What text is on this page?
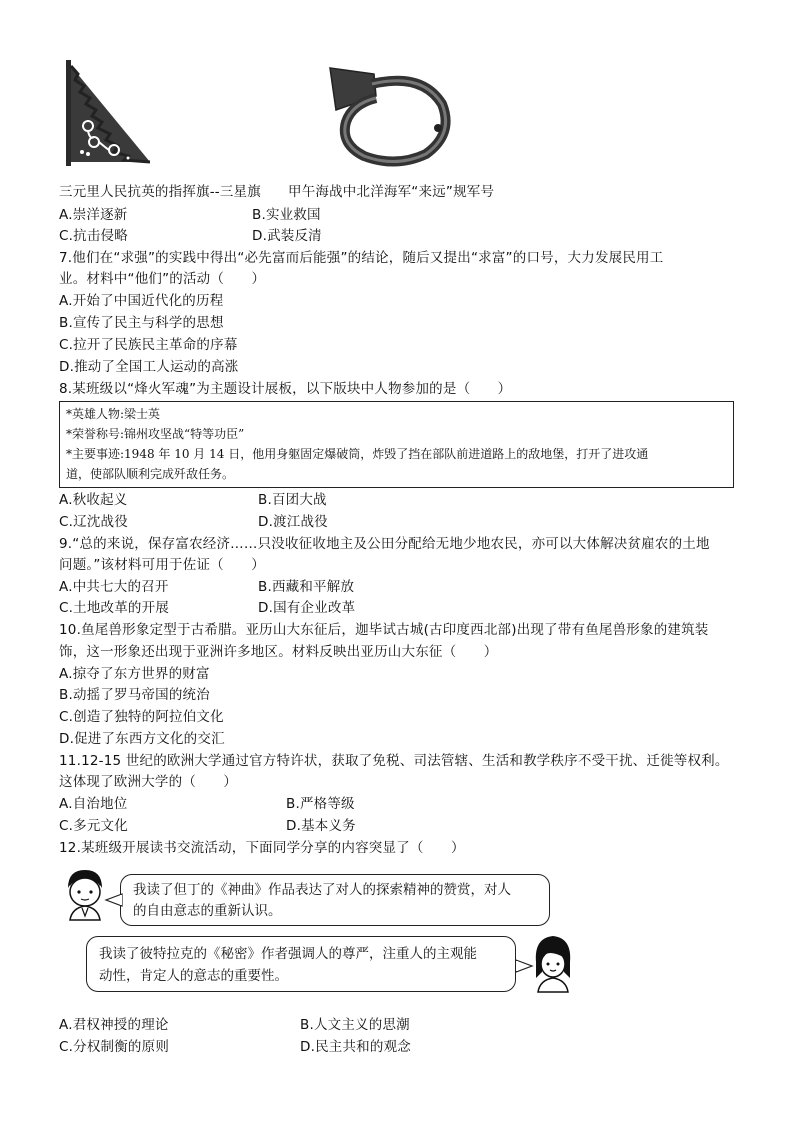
三元里人民抗英的指挥旗--三星旗 甲午海战中北洋海军“来远”规军号
A.崇洋逐新	B.实业救国
C.抗击侵略	D.武装反清
7.他们在“求强”的实践中得出“必先富而后能强”的结论，随后又提出“求富”的口号，大力发展民用工
业。材料中“他们”的活动（　　）
A.开始了中国近代化的历程
B.宣传了民主与科学的思想
C.拉开了民族民主革命的序幕
D.推动了全国工人运动的高涨
8.某班级以“烽火军魂”为主题设计展板，以下版块中人物参加的是（　　）
*英雄人物:梁士英
*荣誉称号:锦州攻坚战“特等功臣”
*主要事迹:1948 年 10 月 14 日，他用身躯固定爆破筒，炸毁了挡在部队前进道路上的敌地堡，打开了进攻通
道，使部队顺利完成歼敌任务。
A.秋收起义	B.百团大战
C.辽沈战役	D.渡江战役
9.“总的来说，保存富农经济……只没收征收地主及公田分配给无地少地农民，亦可以大体解决贫雇农的土地
问题。”该材料可用于佐证（　　）
A.中共七大的召开	B.西藏和平解放
C.土地改革的开展	D.国有企业改革
10.鱼尾兽形象定型于古希腊。亚历山大东征后，迦毕试古城(古印度西北部)出现了带有鱼尾兽形象的建筑装
饰，这一形象还出现于亚洲许多地区。材料反映出亚历山大东征（　　）
A.掠夺了东方世界的财富
B.动摇了罗马帝国的统治
C.创造了独特的阿拉伯文化
D.促进了东西方文化的交汇
11.12-15 世纪的欧洲大学通过官方特许状，获取了免税、司法管辖、生活和教学秩序不受干扰、迁徙等权利。
这体现了欧洲大学的（　　）
A.自治地位	B.严格等级
C.多元文化	D.基本义务
12.某班级开展读书交流活动，下面同学分享的内容突显了（　　）
我读了但丁的《神曲》作品表达了对人的探索精神的赞赏，对人
的自由意志的重新认识。
我读了彼特拉克的《秘密》作者强调人的尊严，注重人的主观能
动性，肯定人的意志的重要性。
A.君权神授的理论	B.人文主义的思潮
C.分权制衡的原则	D.民主共和的观念
